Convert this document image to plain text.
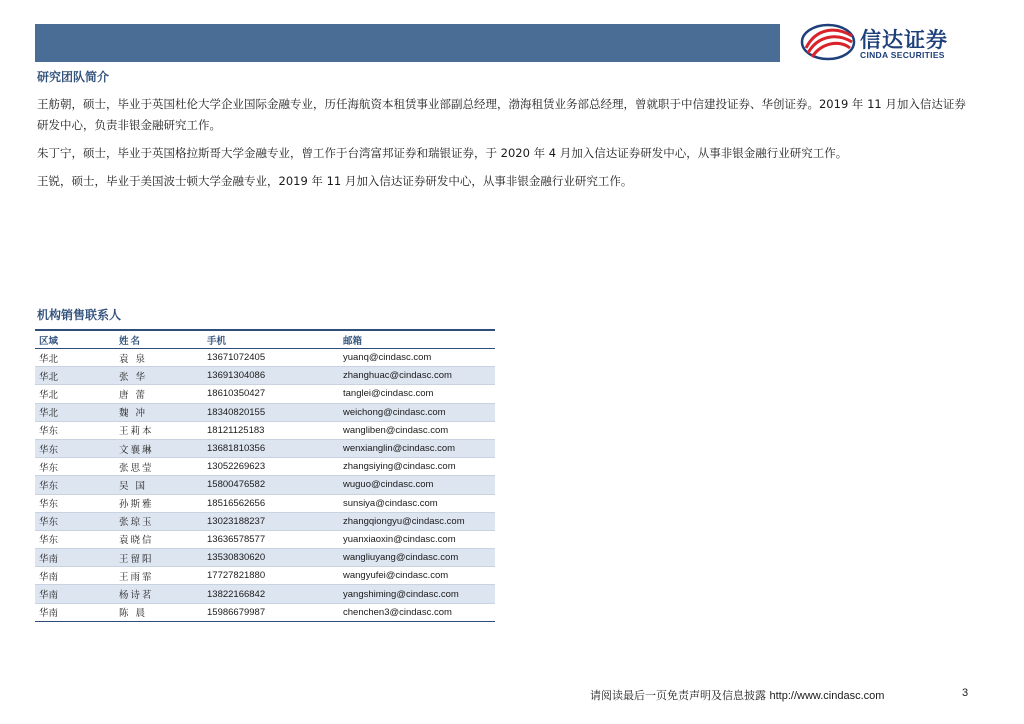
信达证券
CINDA SECURITIES
研究团队简介
王舫朝，硕士，毕业于英国杜伦大学企业国际金融专业，历任海航资本租赁事业部副总经理，渤海租赁业务部总经理，曾就职于中信建投证券、华创证券。2019 年 11 月加入信达证券研发中心，负责非银金融研究工作。
朱丁宁，硕士，毕业于英国格拉斯哥大学金融专业，曾工作于台湾富邦证券和瑞银证券，于 2020 年 4 月加入信达证券研发中心，从事非银金融行业研究工作。
王锐，硕士，毕业于美国波士顿大学金融专业，2019 年 11 月加入信达证券研发中心，从事非银金融行业研究工作。
机构销售联系人
区域	姓名	手机	邮箱
华北	袁 泉	13671072405	yuanq@cindasc.com
华北	张 华	13691304086	zhanghuac@cindasc.com
华北	唐 蕾	18610350427	tanglei@cindasc.com
华北	魏 冲	18340820155	weichong@cindasc.com
华东	王莉本	18121125183	wangliben@cindasc.com
华东	文襄琳	13681810356	wenxianglin@cindasc.com
华东	张思莹	13052269623	zhangsiying@cindasc.com
华东	吴 国	15800476582	wuguo@cindasc.com
华东	孙斯雅	18516562656	sunsiya@cindasc.com
华东	张琼玉	13023188237	zhangqiongyu@cindasc.com
华东	袁晓信	13636578577	yuanxiaoxin@cindasc.com
华南	王留阳	13530830620	wangliuyang@cindasc.com
华南	王雨霏	17727821880	wangyufei@cindasc.com
华南	杨诗茗	13822166842	yangshiming@cindasc.com
华南	陈 晨	15986679987	chenchen3@cindasc.com
请阅读最后一页免责声明及信息披露 http://www.cindasc.com	3
